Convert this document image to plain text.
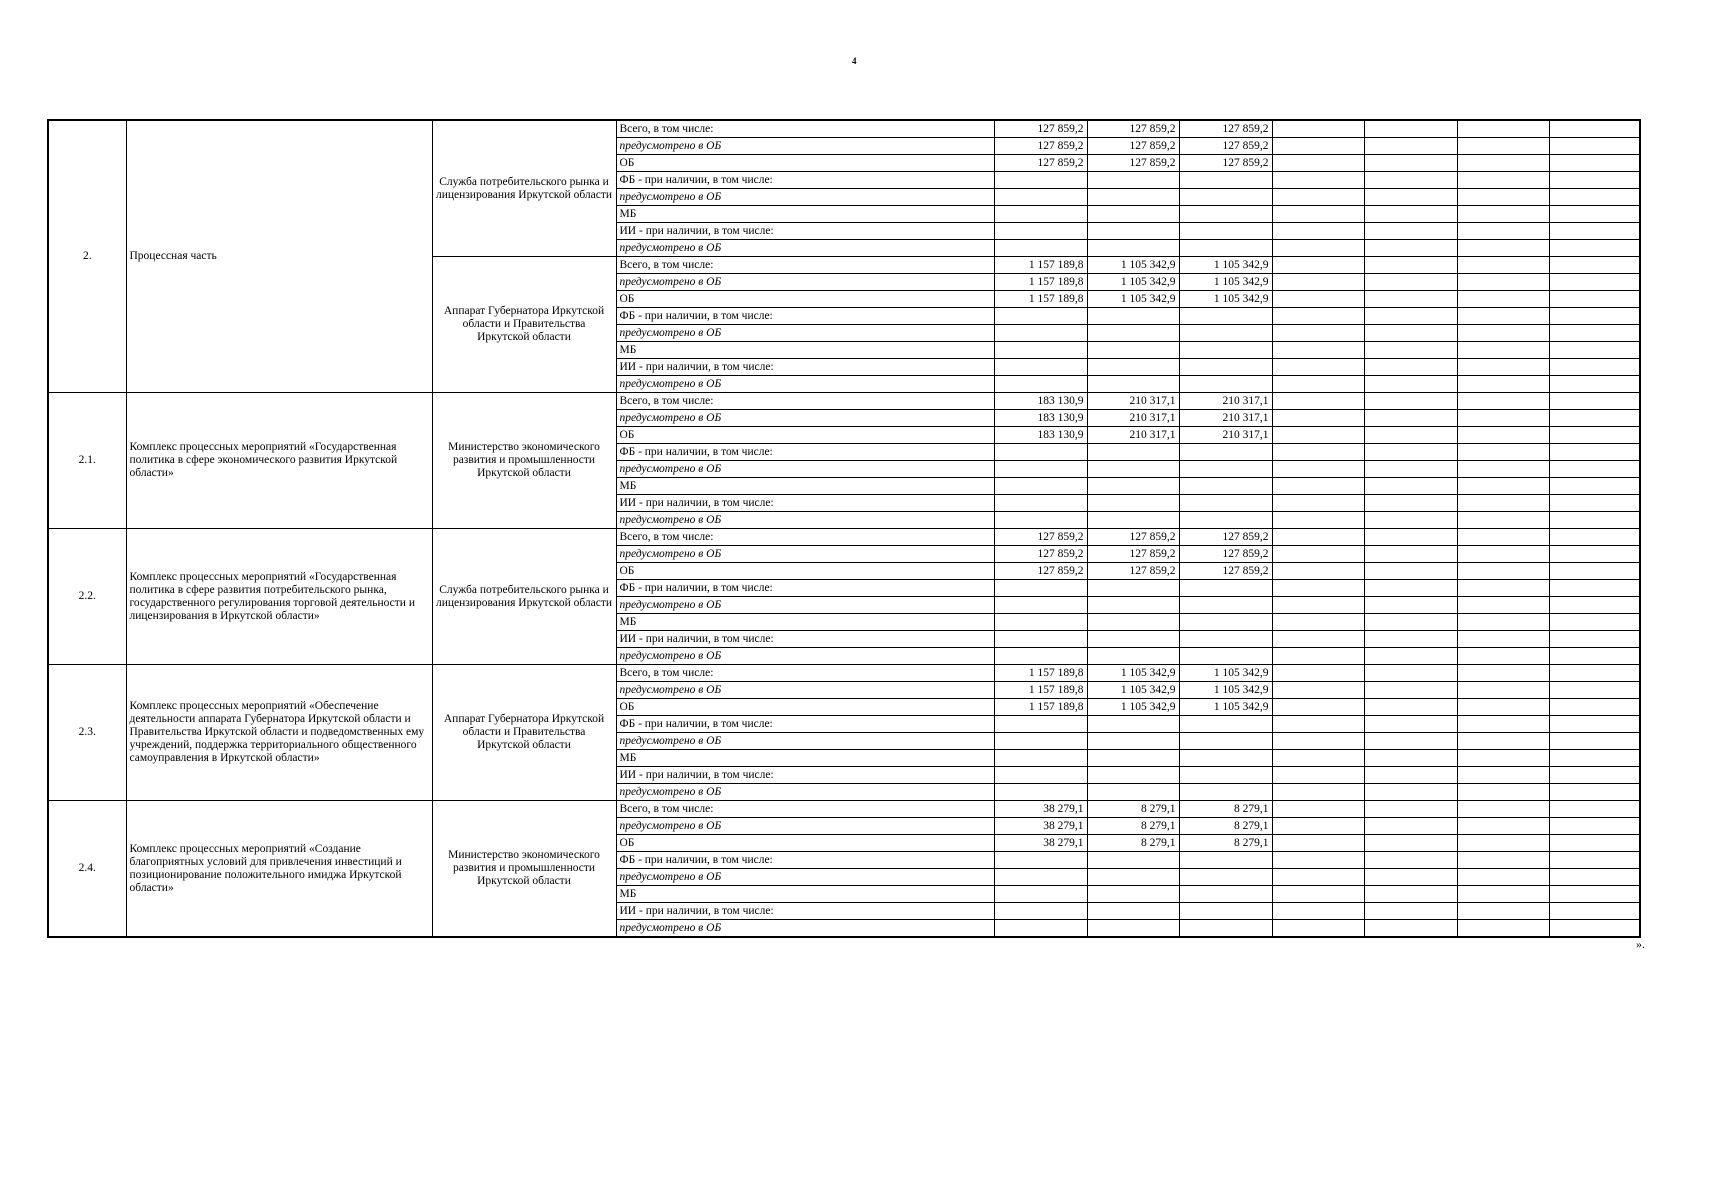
4
2.	Процессная часть	Служба потребительского рынка и лицензирования Иркутской области	Всего, в том числе:	127 859,2	127 859,2	127 859,2				
			предусмотрено в ОБ	127 859,2	127 859,2	127 859,2				
			ОБ	127 859,2	127 859,2	127 859,2				
			ФБ - при наличии, в том числе:							
			предусмотрено в ОБ							
			МБ							
			ИИ - при наличии, в том числе:							
			предусмотрено в ОБ							
		Аппарат Губернатора Иркутской области и Правительства Иркутской области	Всего, в том числе:	1 157 189,8	1 105 342,9	1 105 342,9				
			предусмотрено в ОБ	1 157 189,8	1 105 342,9	1 105 342,9				
			ОБ	1 157 189,8	1 105 342,9	1 105 342,9				
			ФБ - при наличии, в том числе:							
			предусмотрено в ОБ							
			МБ							
			ИИ - при наличии, в том числе:							
			предусмотрено в ОБ							
2.1.	Комплекс процессных мероприятий «Государственная политика в сфере экономического развития Иркутской области»	Министерство экономического развития и промышленности Иркутской области	Всего, в том числе:	183 130,9	210 317,1	210 317,1				
			предусмотрено в ОБ	183 130,9	210 317,1	210 317,1				
			ОБ	183 130,9	210 317,1	210 317,1				
			ФБ - при наличии, в том числе:							
			предусмотрено в ОБ							
			МБ							
			ИИ - при наличии, в том числе:							
			предусмотрено в ОБ							
2.2.	Комплекс процессных мероприятий «Государственная политика в сфере развития потребительского рынка, государственного регулирования торговой деятельности и лицензирования в Иркутской области»	Служба потребительского рынка и лицензирования Иркутской области	Всего, в том числе:	127 859,2	127 859,2	127 859,2				
			предусмотрено в ОБ	127 859,2	127 859,2	127 859,2				
			ОБ	127 859,2	127 859,2	127 859,2				
			ФБ - при наличии, в том числе:							
			предусмотрено в ОБ							
			МБ							
			ИИ - при наличии, в том числе:							
			предусмотрено в ОБ							
2.3.	Комплекс процессных мероприятий «Обеспечение деятельности аппарата Губернатора Иркутской области и Правительства Иркутской области и подведомственных ему учреждений, поддержка территориального общественного самоуправления в Иркутской области»	Аппарат Губернатора Иркутской области и Правительства Иркутской области	Всего, в том числе:	1 157 189,8	1 105 342,9	1 105 342,9				
			предусмотрено в ОБ	1 157 189,8	1 105 342,9	1 105 342,9				
			ОБ	1 157 189,8	1 105 342,9	1 105 342,9				
			ФБ - при наличии, в том числе:							
			предусмотрено в ОБ							
			МБ							
			ИИ - при наличии, в том числе:							
			предусмотрено в ОБ							
2.4.	Комплекс процессных мероприятий «Создание благоприятных условий для привлечения инвестиций и позиционирование положительного имиджа Иркутской области»	Министерство экономического развития и промышленности Иркутской области	Всего, в том числе:	38 279,1	8 279,1	8 279,1				
			предусмотрено в ОБ	38 279,1	8 279,1	8 279,1				
			ОБ	38 279,1	8 279,1	8 279,1				
			ФБ - при наличии, в том числе:							
			предусмотрено в ОБ							
			МБ							
			ИИ - при наличии, в том числе:							
			предусмотрено в ОБ							
».
